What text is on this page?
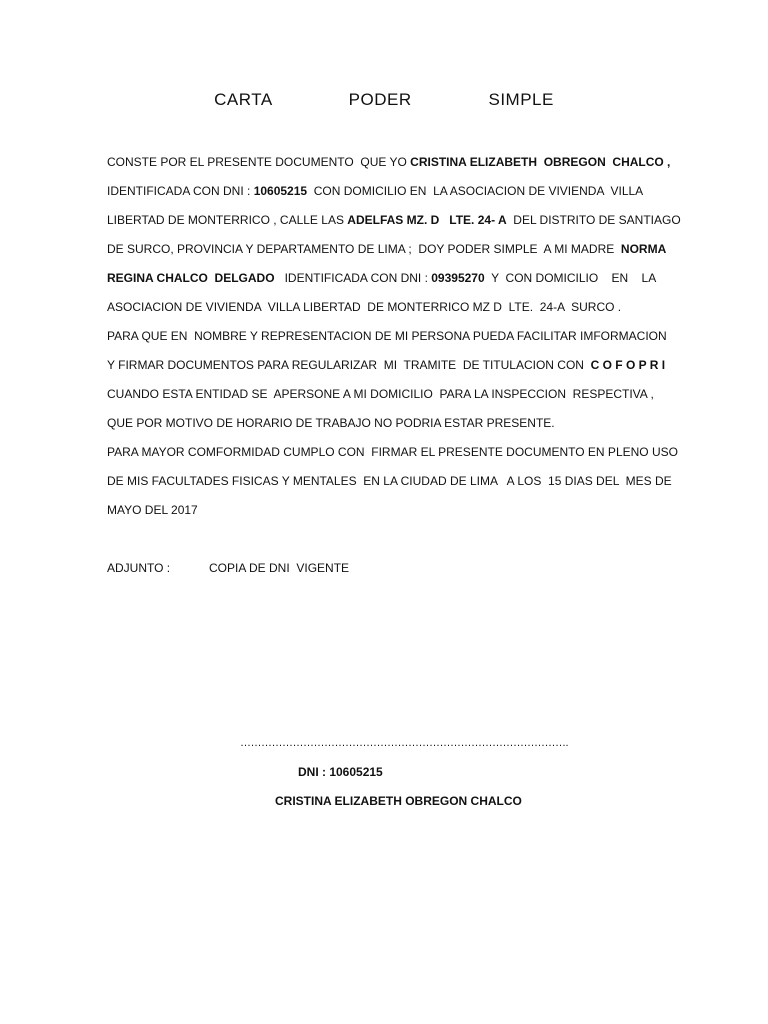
CARTA    PODER    SIMPLE
CONSTE POR EL PRESENTE DOCUMENTO  QUE YO CRISTINA ELIZABETH  OBREGON  CHALCO ,
IDENTIFICADA CON DNI : 10605215  CON DOMICILIO EN  LA ASOCIACION DE VIVIENDA  VILLA
LIBERTAD DE MONTERRICO , CALLE LAS ADELFAS MZ. D   LTE. 24- A  DEL DISTRITO DE SANTIAGO
DE SURCO, PROVINCIA Y DEPARTAMENTO DE LIMA ;  DOY PODER SIMPLE  A MI MADRE  NORMA
REGINA CHALCO  DELGADO   IDENTIFICADA CON DNI : 09395270  Y  CON DOMICILIO    EN    LA
ASOCIACION DE VIVIENDA  VILLA LIBERTAD  DE MONTERRICO MZ D  LTE.  24-A  SURCO .
PARA QUE EN  NOMBRE Y REPRESENTACION DE MI PERSONA PUEDA FACILITAR IMFORMACION
Y FIRMAR DOCUMENTOS PARA REGULARIZAR  MI  TRAMITE  DE TITULACION CON  C O F O P R I
CUANDO ESTA ENTIDAD SE  APERSONE A MI DOMICILIO  PARA LA INSPECCION  RESPECTIVA ,
QUE POR MOTIVO DE HORARIO DE TRABAJO NO PODRIA ESTAR PRESENTE.
PARA MAYOR COMFORMIDAD CUMPLO CON  FIRMAR EL PRESENTE DOCUMENTO EN PLENO USO
DE MIS FACULTADES FISICAS Y MENTALES  EN LA CIUDAD DE LIMA   A LOS  15 DIAS DEL  MES DE
MAYO DEL 2017
ADJUNTO :	COPIA DE DNI  VIGENTE
………………………………………………………………………………….
DNI : 10605215
CRISTINA ELIZABETH OBREGON CHALCO
